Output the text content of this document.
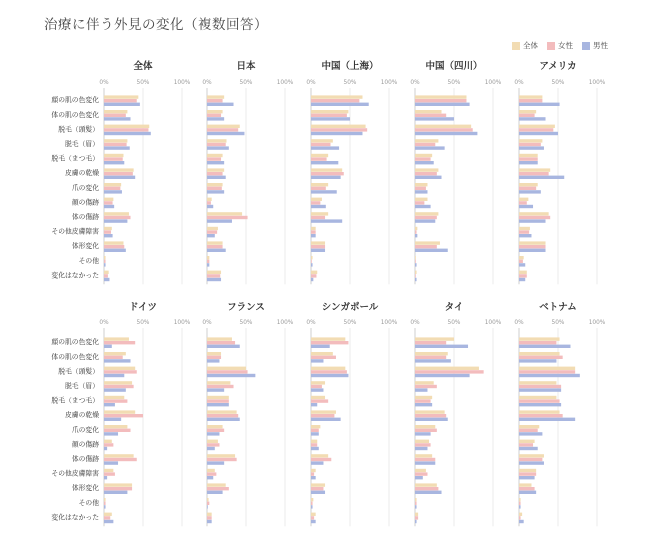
治療に伴う外見の変化（複数回答）
全体	女性	男性
全体
0%	50%	100%
顔の肌の色変化
体の肌の色変化
脱毛（頭髪）
脱毛（眉）
脱毛（まつ毛）
皮膚の乾燥
爪の変化
顔の傷跡
体の傷跡
その他皮膚障害
体形変化
その他
変化はなかった
日本
0%	50%	100%
中国（上海）
0%	50%	100%
中国（四川）
0%	50%	100%
アメリカ
0%	50%	100%
ドイツ
0%	50%	100%
顔の肌の色変化
体の肌の色変化
脱毛（頭髪）
脱毛（眉）
脱毛（まつ毛）
皮膚の乾燥
爪の変化
顔の傷跡
体の傷跡
その他皮膚障害
体形変化
その他
変化はなかった
フランス
0%	50%	100%
シンガポール
0%	50%	100%
タイ
0%	50%	100%
ベトナム
0%	50%	100%
